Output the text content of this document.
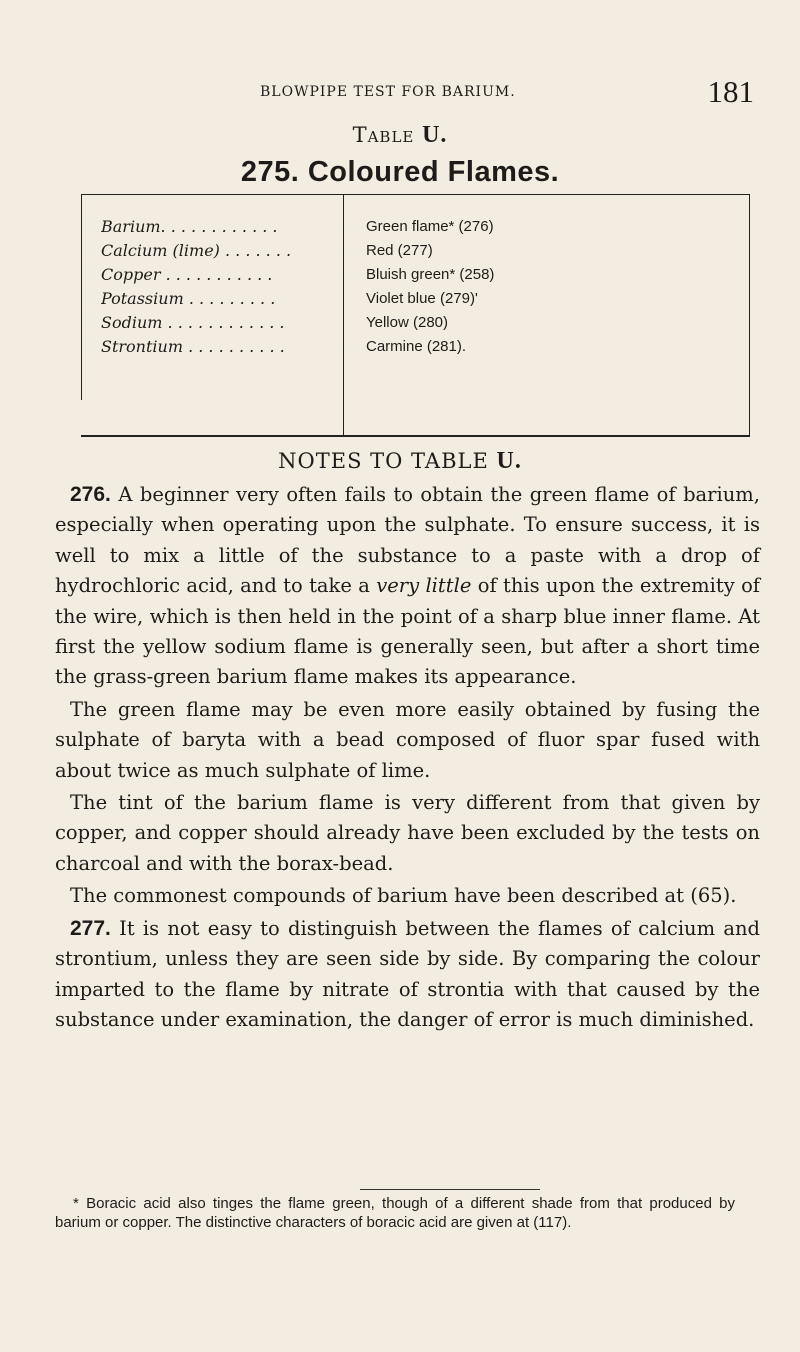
BLOWPIPE TEST FOR BARIUM.	181
Table U.
275. Coloured Flames.
Barium. . . . . . . . . . . .
Calcium (lime) . . . . . . .
Copper . . . . . . . . . . .
Potassium . . . . . . . . .
Sodium . . . . . . . . . . . .
Strontium . . . . . . . . . .
Green flame* (276)
Red (277)
Bluish green* (258)
Violet blue (279)'
Yellow (280)
Carmine (281).
NOTES TO TABLE U.

276. A beginner very often fails to obtain the green flame of barium, especially when operating upon the sulphate. To ensure success, it is well to mix a little of the substance to a paste with a drop of hydrochloric acid, and to take a very little of this upon the extremity of the wire, which is then held in the point of a sharp blue inner flame. At first the yellow sodium flame is generally seen, but after a short time the grass-green barium flame makes its appearance.

The green flame may be even more easily obtained by fusing the sulphate of baryta with a bead composed of fluor spar fused with about twice as much sulphate of lime.

The tint of the barium flame is very different from that given by copper, and copper should already have been excluded by the tests on charcoal and with the borax-bead.

The commonest compounds of barium have been described at (65).

277. It is not easy to distinguish between the flames of calcium and strontium, unless they are seen side by side. By comparing the colour imparted to the flame by nitrate of strontia with that caused by the substance under examination, the danger of error is much diminished.

* Boracic acid also tinges the flame green, though of a different shade from that produced by barium or copper. The distinctive characters of boracic acid are given at (117).
